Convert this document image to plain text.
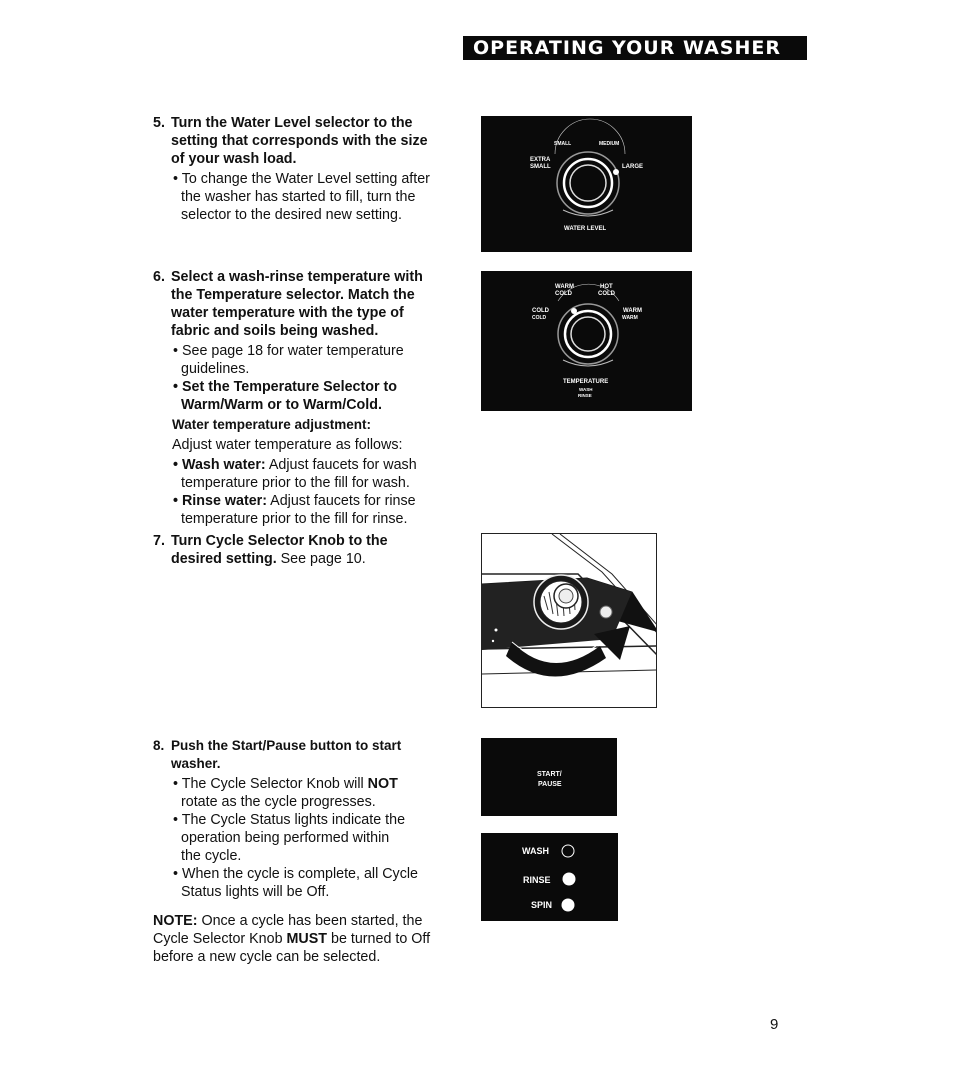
OPERATING YOUR WASHER
5. Turn the Water Level selector to the
setting that corresponds with the size
of your wash load.
• To change the Water Level setting after
the washer has started to fill, turn the
selector to the desired new setting.
6. Select a wash-rinse temperature with
the Temperature selector. Match the
water temperature with the type of
fabric and soils being washed.
• See page 18 for water temperature
guidelines.
• Set the Temperature Selector to
Warm/Warm or to Warm/Cold.
Water temperature adjustment:
Adjust water temperature as follows:
• Wash water: Adjust faucets for wash
temperature prior to the fill for wash.
• Rinse water: Adjust faucets for rinse
temperature prior to the fill for rinse.
7. Turn Cycle Selector Knob to the
desired setting. See page 10.
8. Push the Start/Pause button to start
washer.
• The Cycle Selector Knob will NOT
rotate as the cycle progresses.
• The Cycle Status lights indicate the
operation being performed within
the cycle.
• When the cycle is complete, all Cycle
Status lights will be Off.
NOTE: Once a cycle has been started, the
Cycle Selector Knob MUST be turned to Off
before a new cycle can be selected.
SMALL	MEDIUM
EXTRA
SMALL	LARGE
WATER LEVEL
WARM
COLD
HOT
COLD
COLD
COLD
WARM
WARM
TEMPERATURE
WASH
RINSE
START/
PAUSE
WASH
RINSE
SPIN
9
